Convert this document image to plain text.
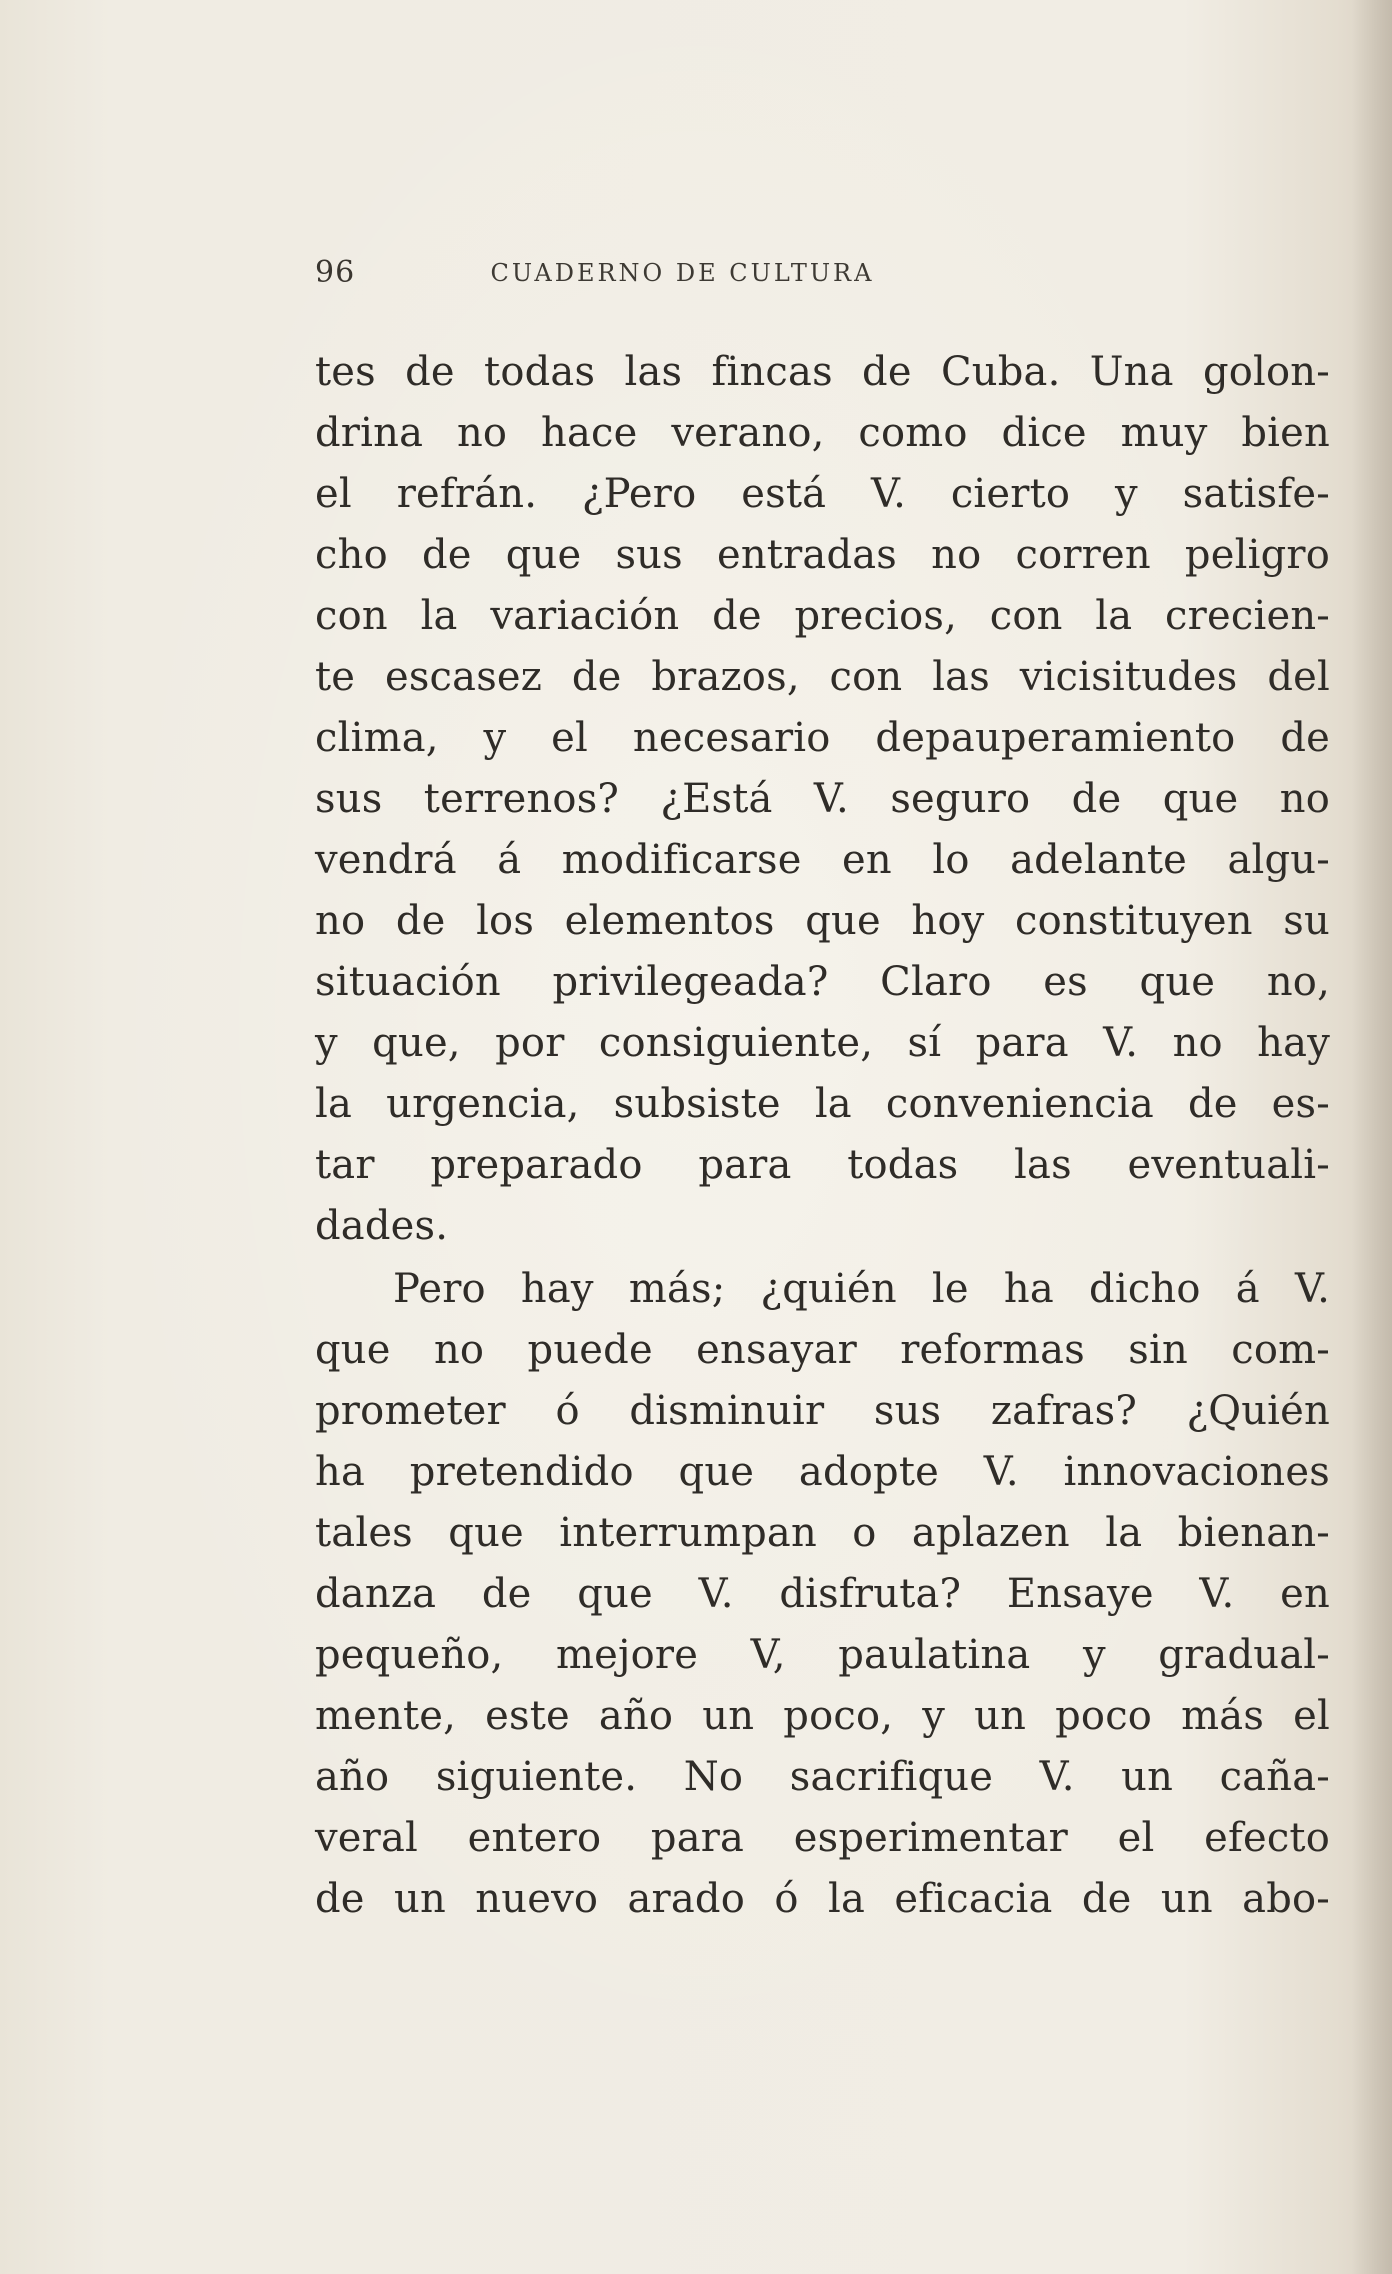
96	CUADERNO DE CULTURA
tes de todas las fincas de Cuba. Una golon-
drina no hace verano, como dice muy bien
el refrán. ¿Pero está V. cierto y satisfe-
cho de que sus entradas no corren peligro
con la variación de precios, con la crecien-
te escasez de brazos, con las vicisitudes del
clima, y el necesario depauperamiento de
sus terrenos? ¿Está V. seguro de que no
vendrá á modificarse en lo adelante algu-
no de los elementos que hoy constituyen su
situación privilegeada? Claro es que no,
y que, por consiguiente, sí para V. no hay
la urgencia, subsiste la conveniencia de es-
tar preparado para todas las eventuali-
dades.
Pero hay más; ¿quién le ha dicho á V.
que no puede ensayar reformas sin com-
prometer ó disminuir sus zafras? ¿Quién
ha pretendido que adopte V. innovaciones
tales que interrumpan o aplazen la bienan-
danza de que V. disfruta? Ensaye V. en
pequeño, mejore V, paulatina y gradual-
mente, este año un poco, y un poco más el
año siguiente. No sacrifique V. un caña-
veral entero para esperimentar el efecto
de un nuevo arado ó la eficacia de un abo-
